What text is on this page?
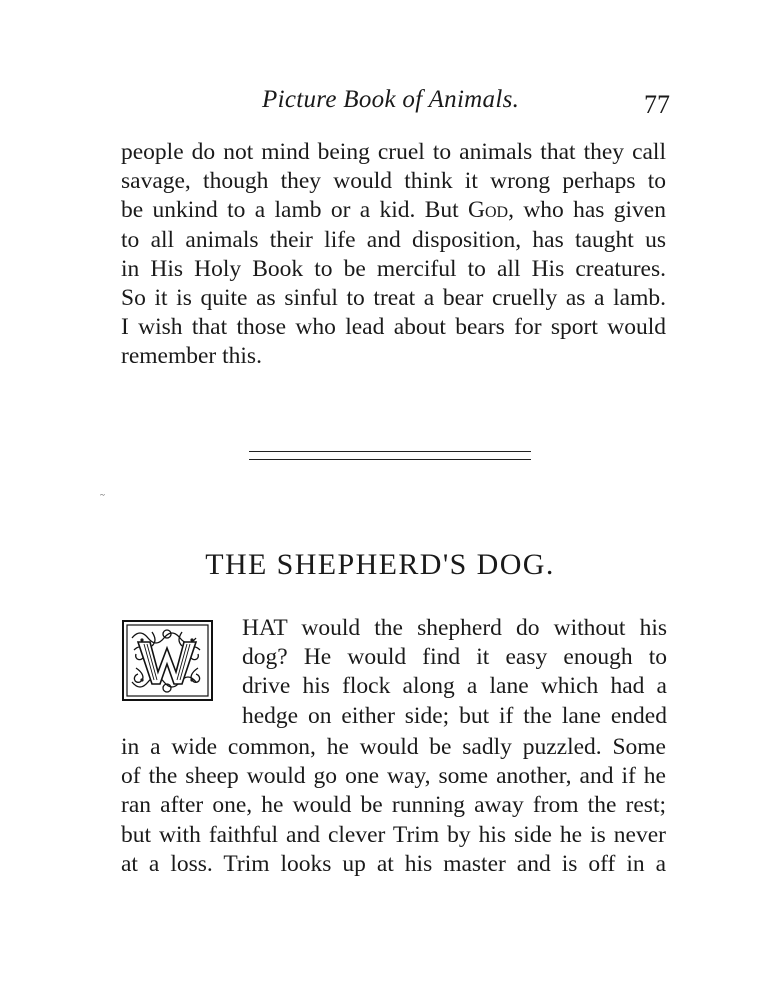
Picture Book of Animals.	77
people do not mind being cruel to animals that they call
savage, though they would think it wrong perhaps to
be unkind to a lamb or a kid. But God, who has given
to all animals their life and disposition, has taught us
in His Holy Book to be merciful to all His creatures.
So it is quite as sinful to treat a bear cruelly as a lamb.
I wish that those who lead about bears for sport would
remember this.
~
THE SHEPHERD'S DOG.
HAT would the shepherd do without his
dog? He would find it easy enough to
drive his flock along a lane which had a
hedge on either side; but if the lane ended
in a wide common, he would be sadly puzzled. Some
of the sheep would go one way, some another, and if he
ran after one, he would be running away from the rest;
but with faithful and clever Trim by his side he is never
at a loss. Trim looks up at his master and is off in a
